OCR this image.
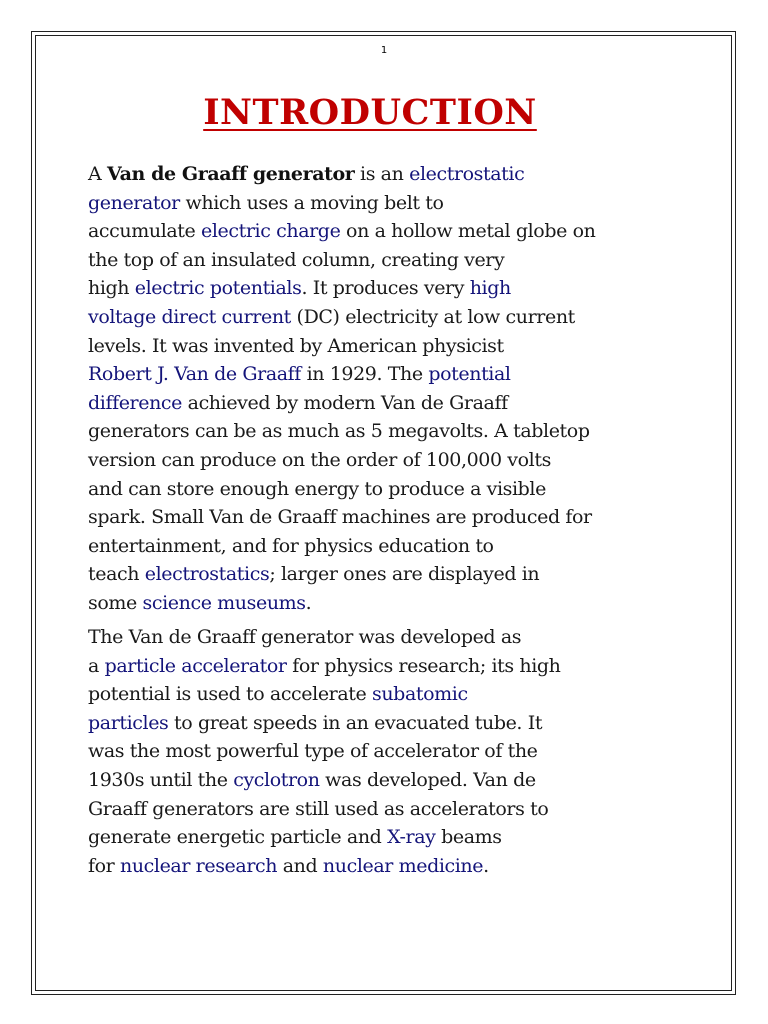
1
INTRODUCTION
A Van de Graaff generator is an electrostatic
generator which uses a moving belt to
accumulate electric charge on a hollow metal globe on
the top of an insulated column, creating very
high electric potentials. It produces very high
voltage direct current (DC) electricity at low current
levels. It was invented by American physicist
Robert J. Van de Graaff in 1929. The potential
difference achieved by modern Van de Graaff
generators can be as much as 5 megavolts. A tabletop
version can produce on the order of 100,000 volts
and can store enough energy to produce a visible
spark. Small Van de Graaff machines are produced for
entertainment, and for physics education to
teach electrostatics; larger ones are displayed in
some science museums.
The Van de Graaff generator was developed as
a particle accelerator for physics research; its high
potential is used to accelerate subatomic
particles to great speeds in an evacuated tube. It
was the most powerful type of accelerator of the
1930s until the cyclotron was developed. Van de
Graaff generators are still used as accelerators to
generate energetic particle and X-ray beams
for nuclear research and nuclear medicine.
